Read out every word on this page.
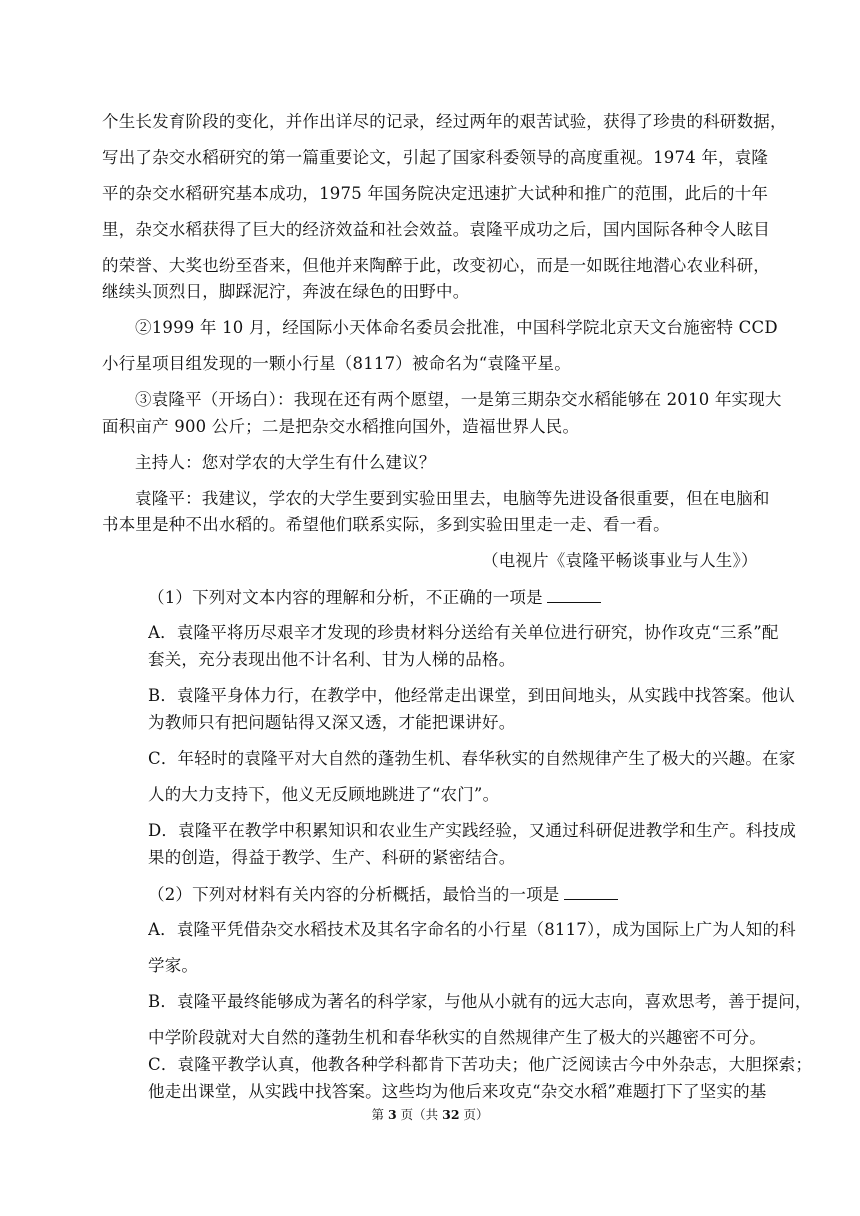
个生长发育阶段的变化，并作出详尽的记录，经过两年的艰苦试验，获得了珍贵的科研数据，
写出了杂交水稻研究的第一篇重要论文，引起了国家科委领导的高度重视。1974 年，袁隆
平的杂交水稻研究基本成功，1975 年国务院决定迅速扩大试种和推广的范围，此后的十年
里，杂交水稻获得了巨大的经济效益和社会效益。袁隆平成功之后，国内国际各种令人眩目
的荣誉、大奖也纷至沓来，但他并来陶醉于此，改变初心，而是一如既往地潜心农业科研，
继续头顶烈日，脚踩泥泞，奔波在绿色的田野中。
②1999 年 10 月，经国际小天体命名委员会批准，中国科学院北京天文台施密特 CCD
小行星项目组发现的一颗小行星（8117）被命名为“袁隆平星。
③袁隆平（开场白）：我现在还有两个愿望，一是第三期杂交水稻能够在 2010 年实现大
面积亩产 900 公斤；二是把杂交水稻推向国外，造福世界人民。
主持人：您对学农的大学生有什么建议？
袁隆平：我建议，学农的大学生要到实验田里去，电脑等先进设备很重要，但在电脑和
书本里是种不出水稻的。希望他们联系实际，多到实验田里走一走、看一看。
（电视片《袁隆平畅谈事业与人生》）
（1）下列对文本内容的理解和分析，不正确的一项是
A．袁隆平将历尽艰辛才发现的珍贵材料分送给有关单位进行研究，协作攻克“三系”配
套关，充分表现出他不计名利、甘为人梯的品格。
B．袁隆平身体力行，在教学中，他经常走出课堂，到田间地头，从实践中找答案。他认
为教师只有把问题钻得又深又透，才能把课讲好。
C．年轻时的袁隆平对大自然的蓬勃生机、春华秋实的自然规律产生了极大的兴趣。在家
人的大力支持下，他义无反顾地跳进了“农门”。
D．袁隆平在教学中积累知识和农业生产实践经验，又通过科研促进教学和生产。科技成
果的创造，得益于教学、生产、科研的紧密结合。
（2）下列对材料有关内容的分析概括，最恰当的一项是
A．袁隆平凭借杂交水稻技术及其名字命名的小行星（8117），成为国际上广为人知的科
学家。
B．袁隆平最终能够成为著名的科学家，与他从小就有的远大志向，喜欢思考，善于提问，
中学阶段就对大自然的蓬勃生机和春华秋实的自然规律产生了极大的兴趣密不可分。
C．袁隆平教学认真，他教各种学科都肯下苦功夫；他广泛阅读古今中外杂志，大胆探索；
他走出课堂，从实践中找答案。这些均为他后来攻克“杂交水稻”难题打下了坚实的基
第 3 页（共 32 页）
